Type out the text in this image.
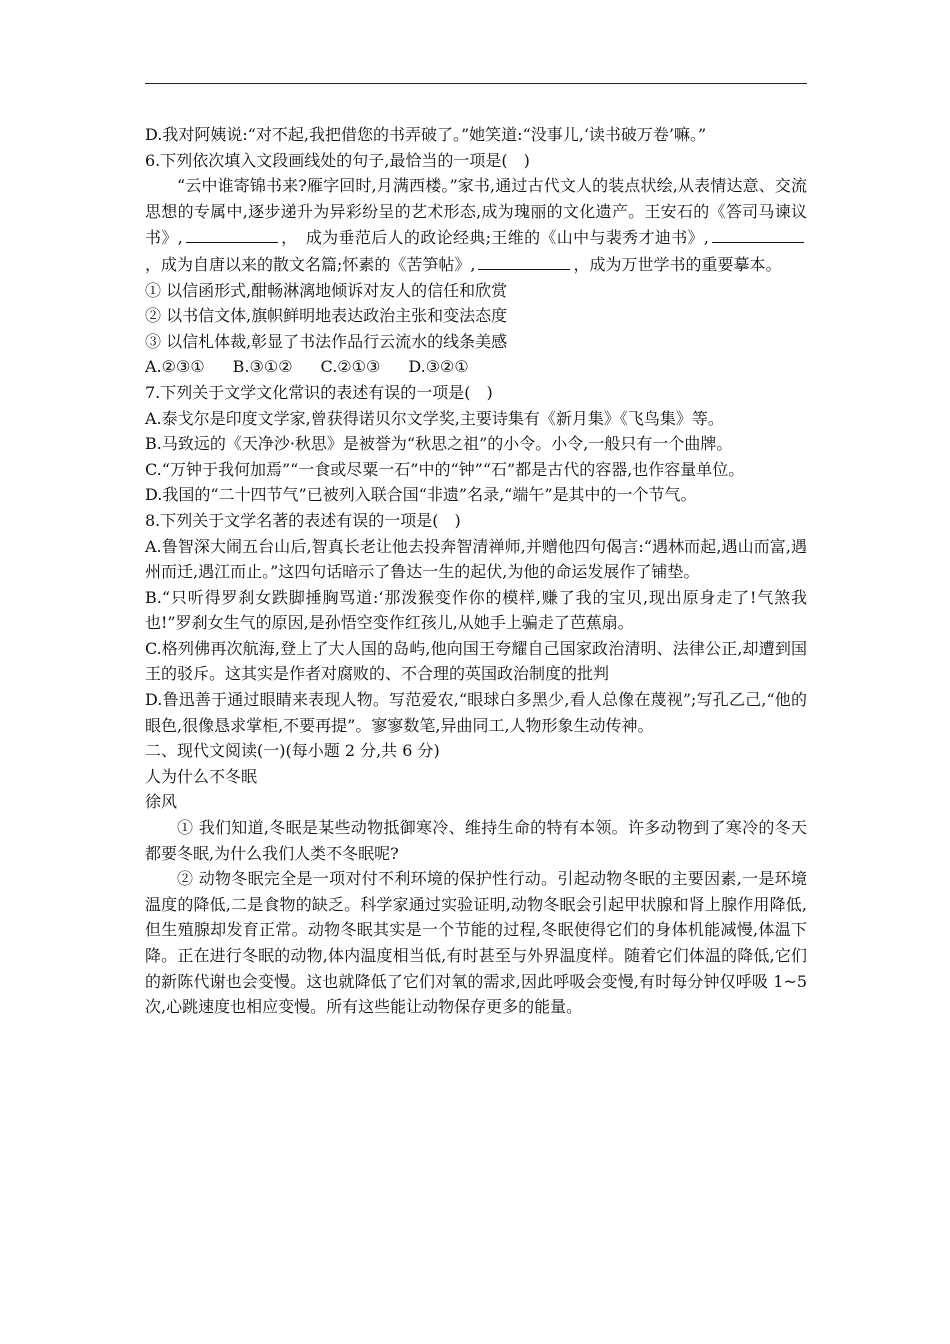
D.我对阿姨说:“对不起,我把借您的书弄破了。”她笑道:“没事儿,‘读书破万卷’嘛。”
6.下列依次填入文段画线处的句子,最恰当的一项是(　)
“云中谁寄锦书来?雁字回时,月满西楼。”家书,通过古代文人的装点状绘,从表情达意、交流思想的专属中,逐步递升为异彩纷呈的艺术形态,成为瑰丽的文化遗产。王安石的《答司马谏议书》,	，　成为垂范后人的政论经典;王维的《山中与裴秀才迪书》,，成为自唐以来的散文名篇;怀素的《苦笋帖》,	，成为万世学书的重要摹本。
① 以信函形式,酣畅淋漓地倾诉对友人的信任和欣赏
② 以书信文体,旗帜鲜明地表达政治主张和变法态度
③ 以信札体裁,彰显了书法作品行云流水的线条美感
A.②③① B.③①② C.②①③ D.③②①
7.下列关于文学文化常识的表述有误的一项是(　)
A.泰戈尔是印度文学家,曾获得诺贝尔文学奖,主要诗集有《新月集》《飞鸟集》等。
B.马致远的《天净沙·秋思》是被誉为“秋思之祖”的小令。小令,一般只有一个曲牌。
C.“万钟于我何加焉”“一食或尽粟一石”中的“钟”“石”都是古代的容器,也作容量单位。
D.我国的“二十四节气”已被列入联合国“非遗”名录,“端午”是其中的一个节气。
8.下列关于文学名著的表述有误的一项是(　)
A.鲁智深大闹五台山后,智真长老让他去投奔智清禅师,并赠他四句偈言:“遇林而起,遇山而富,遇州而迁,遇江而止。”这四句话暗示了鲁达一生的起伏,为他的命运发展作了铺垫。
B.“只听得罗刹女跌脚捶胸骂道:‘那泼猴变作你的模样,赚了我的宝贝,现出原身走了!气煞我也!”罗刹女生气的原因,是孙悟空变作红孩儿,从她手上骗走了芭蕉扇。
C.格列佛再次航海,登上了大人国的岛屿,他向国王夸耀自己国家政治清明、法律公正,却遭到国王的驳斥。这其实是作者对腐败的、不合理的英国政治制度的批判
D.鲁迅善于通过眼睛来表现人物。写范爱农,“眼球白多黑少,看人总像在蔑视”;写孔乙己,“他的眼色,很像恳求掌柜,不要再提”。寥寥数笔,异曲同工,人物形象生动传神。
二、现代文阅读(一)(每小题 2 分,共 6 分)
人为什么不冬眠
徐风
① 我们知道,冬眠是某些动物抵御寒冷、维持生命的特有本领。许多动物到了寒冷的冬天都要冬眠,为什么我们人类不冬眠呢?
② 动物冬眠完全是一项对付不利环境的保护性行动。引起动物冬眠的主要因素,一是环境温度的降低,二是食物的缺乏。科学家通过实验证明,动物冬眠会引起甲状腺和肾上腺作用降低,但生殖腺却发育正常。动物冬眠其实是一个节能的过程,冬眠使得它们的身体机能减慢,体温下降。正在进行冬眠的动物,体内温度相当低,有时甚至与外界温度样。随着它们体温的降低,它们的新陈代谢也会变慢。这也就降低了它们对氧的需求,因此呼吸会变慢,有时每分钟仅呼吸 1~5 次,心跳速度也相应变慢。所有这些能让动物保存更多的能量。
